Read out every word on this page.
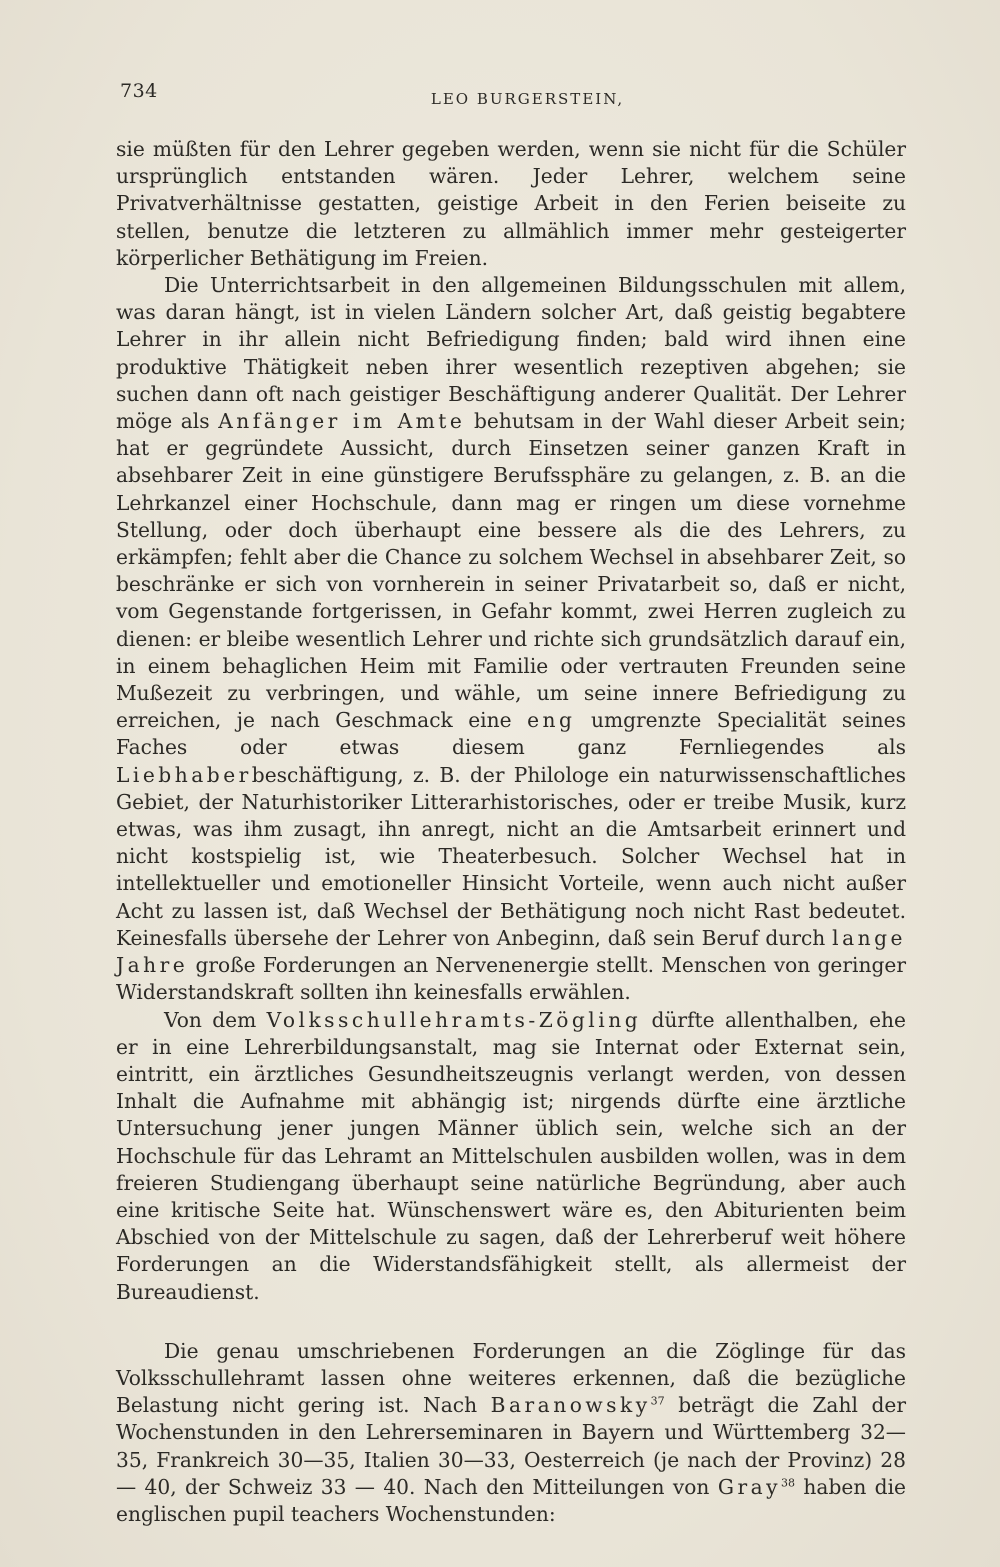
734	LEO BURGERSTEIN,

sie müßten für den Lehrer gegeben werden, wenn sie nicht für die Schüler ursprünglich entstanden wären. Jeder Lehrer, welchem seine Privatverhältnisse gestatten, geistige Arbeit in den Ferien beiseite zu stellen, benutze die letzteren zu allmählich immer mehr gesteigerter körperlicher Bethätigung im Freien.

Die Unterrichtsarbeit in den allgemeinen Bildungsschulen mit allem, was daran hängt, ist in vielen Ländern solcher Art, daß geistig begabtere Lehrer in ihr allein nicht Befriedigung finden; bald wird ihnen eine produktive Thätigkeit neben ihrer wesentlich rezeptiven abgehen; sie suchen dann oft nach geistiger Beschäftigung anderer Qualität. Der Lehrer möge als Anfänger im Amte behutsam in der Wahl dieser Arbeit sein; hat er gegründete Aussicht, durch Einsetzen seiner ganzen Kraft in absehbarer Zeit in eine günstigere Berufssphäre zu gelangen, z. B. an die Lehrkanzel einer Hochschule, dann mag er ringen um diese vornehme Stellung, oder doch überhaupt eine bessere als die des Lehrers, zu erkämpfen; fehlt aber die Chance zu solchem Wechsel in absehbarer Zeit, so beschränke er sich von vornherein in seiner Privatarbeit so, daß er nicht, vom Gegenstande fortgerissen, in Gefahr kommt, zwei Herren zugleich zu dienen: er bleibe wesentlich Lehrer und richte sich grundsätzlich darauf ein, in einem behaglichen Heim mit Familie oder vertrauten Freunden seine Mußezeit zu verbringen, und wähle, um seine innere Befriedigung zu erreichen, je nach Geschmack eine eng umgrenzte Specialität seines Faches oder etwas diesem ganz Fernliegendes als Liebhaberbeschäftigung, z. B. der Philologe ein naturwissenschaftliches Gebiet, der Naturhistoriker Litterarhistorisches, oder er treibe Musik, kurz etwas, was ihm zusagt, ihn anregt, nicht an die Amtsarbeit erinnert und nicht kostspielig ist, wie Theaterbesuch. Solcher Wechsel hat in intellektueller und emotioneller Hinsicht Vorteile, wenn auch nicht außer Acht zu lassen ist, daß Wechsel der Bethätigung noch nicht Rast bedeutet. Keinesfalls übersehe der Lehrer von Anbeginn, daß sein Beruf durch lange Jahre große Forderungen an Nervenenergie stellt. Menschen von geringer Widerstandskraft sollten ihn keinesfalls erwählen.

Von dem Volksschullehramts-Zögling dürfte allenthalben, ehe er in eine Lehrerbildungsanstalt, mag sie Internat oder Externat sein, eintritt, ein ärztliches Gesundheitszeugnis verlangt werden, von dessen Inhalt die Aufnahme mit abhängig ist; nirgends dürfte eine ärztliche Untersuchung jener jungen Männer üblich sein, welche sich an der Hochschule für das Lehramt an Mittelschulen ausbilden wollen, was in dem freieren Studiengang überhaupt seine natürliche Begründung, aber auch eine kritische Seite hat. Wünschenswert wäre es, den Abiturienten beim Abschied von der Mittelschule zu sagen, daß der Lehrerberuf weit höhere Forderungen an die Widerstandsfähigkeit stellt, als allermeist der Bureaudienst.

Die genau umschriebenen Forderungen an die Zöglinge für das Volksschullehramt lassen ohne weiteres erkennen, daß die bezügliche Belastung nicht gering ist. Nach Baranowsky$^{37}$ beträgt die Zahl der Wochenstunden in den Lehrerseminaren in Bayern und Württemberg 32—35, Frankreich 30—35, Italien 30—33, Oesterreich (je nach der Provinz) 28 — 40, der Schweiz 33 — 40. Nach den Mitteilungen von Gray$^{38}$ haben die englischen pupil teachers Wochenstunden:
